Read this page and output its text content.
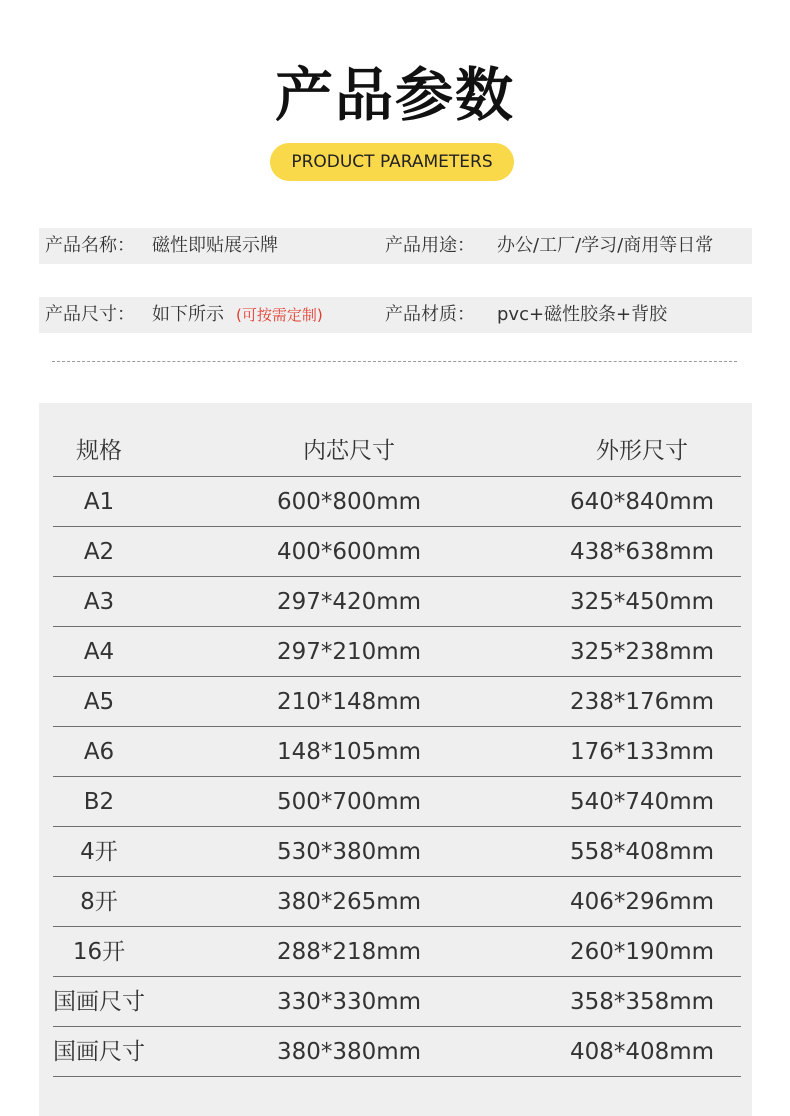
产品参数
PRODUCT PARAMETERS
产品名称： 磁性即贴展示牌	产品用途： 办公/工厂/学习/商用等日常
产品尺寸： 如下所示 (可按需定制)	产品材质： pvc+磁性胶条+背胶
规格	内芯尺寸	外形尺寸
A1	600*800mm	640*840mm
A2	400*600mm	438*638mm
A3	297*420mm	325*450mm
A4	297*210mm	325*238mm
A5	210*148mm	238*176mm
A6	148*105mm	176*133mm
B2	500*700mm	540*740mm
4开	530*380mm	558*408mm
8开	380*265mm	406*296mm
16开	288*218mm	260*190mm
国画尺寸	330*330mm	358*358mm
国画尺寸	380*380mm	408*408mm
